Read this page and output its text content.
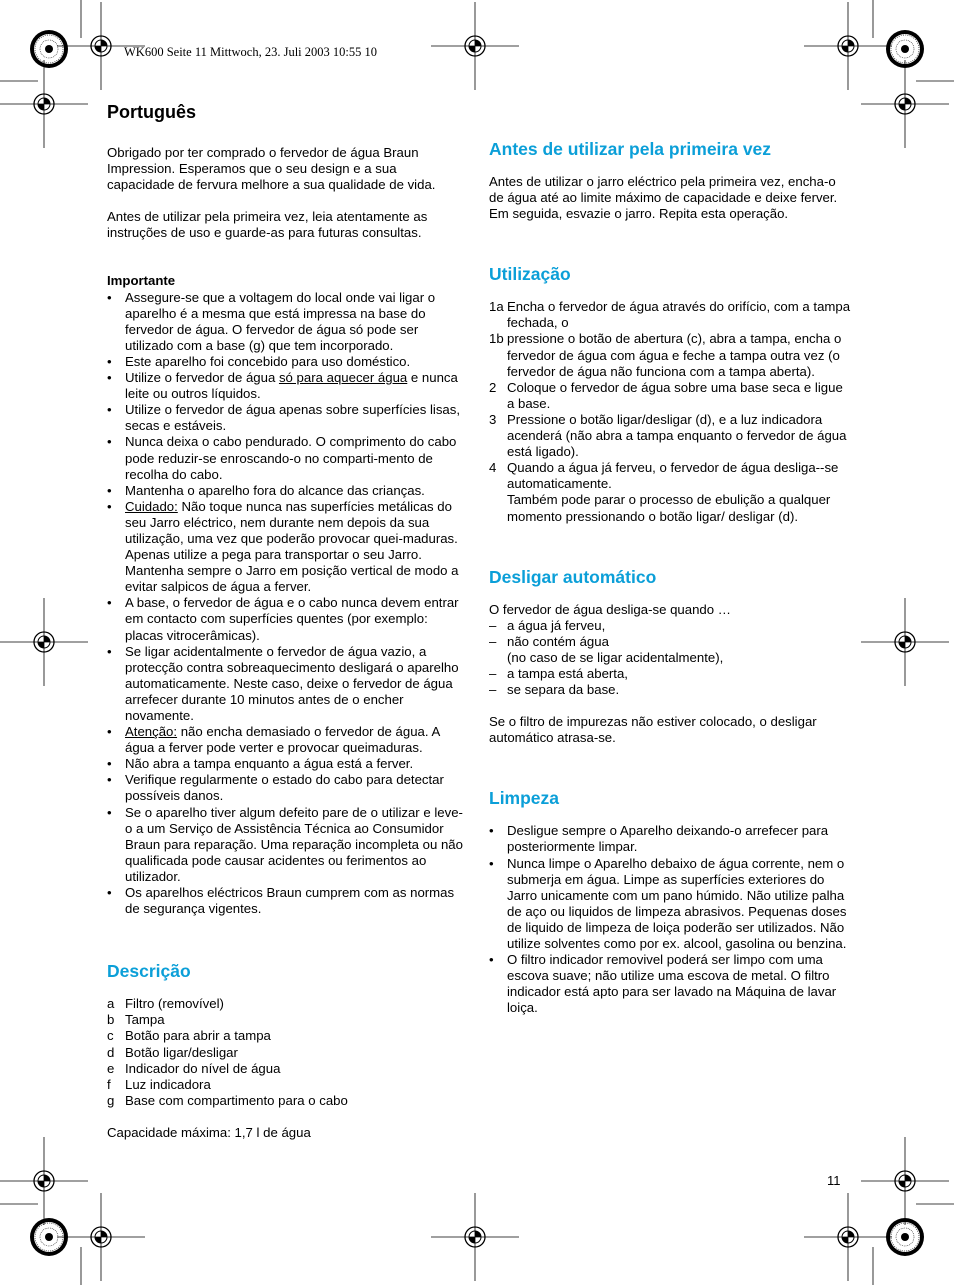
WK600 Seite 11 Mittwoch, 23. Juli 2003 10:55 10
Português

Obrigado por ter comprado o fervedor de água Braun Impression. Esperamos que o seu design e a sua capacidade de fervura melhore a sua qualidade de vida.

Antes de utilizar pela primeira vez, leia atentamente as instruções de uso e guarde-as para futuras consultas.

Importante
• Assegure-se que a voltagem do local onde vai ligar o aparelho é a mesma que está impressa na base do fervedor de água. O fervedor de água só pode ser utilizado com a base (g) que tem incorporado.
• Este aparelho foi concebido para uso doméstico.
• Utilize o fervedor de água só para aquecer água e nunca leite ou outros líquidos.
• Utilize o fervedor de água apenas sobre superfícies lisas, secas e estáveis.
• Nunca deixa o cabo pendurado. O comprimento do cabo pode reduzir-se enroscando-o no comparti-mento de recolha do cabo.
• Mantenha o aparelho fora do alcance das crianças.
• Cuidado: Não toque nunca nas superfícies metálicas do seu Jarro eléctrico, nem durante nem depois da sua utilização, uma vez que poderão provocar quei-maduras. Apenas utilize a pega para transportar o seu Jarro. Mantenha sempre o Jarro em posição vertical de modo a evitar salpicos de água a ferver.
• A base, o fervedor de água e o cabo nunca devem entrar em contacto com superfícies quentes (por exemplo: placas vitrocerâmicas).
• Se ligar acidentalmente o fervedor de água vazio, a protecção contra sobreaquecimento desligará o aparelho automaticamente. Neste caso, deixe o fervedor de água arrefecer durante 10 minutos antes de o encher novamente.
• Atenção: não encha demasiado o fervedor de água. A água a ferver pode verter e provocar queimaduras.
• Não abra a tampa enquanto a água está a ferver.
• Verifique regularmente o estado do cabo para detectar possíveis danos.
• Se o aparelho tiver algum defeito pare de o utilizar e leve-o a um Serviço de Assistência Técnica ao Consumidor Braun para reparação. Uma reparação incompleta ou não qualificada pode causar acidentes ou ferimentos ao utilizador.
• Os aparelhos eléctricos Braun cumprem com as normas de segurança vigentes.
Descrição
a Filtro (removível)
b Tampa
c Botão para abrir a tampa
d Botão ligar/desligar
e Indicador do nível de água
f	Luz indicadora
g Base com compartimento para o cabo

Capacidade máxima: 1,7 l de água

Antes de utilizar pela primeira vez

Antes de utilizar o jarro eléctrico pela primeira vez, encha-o de água até ao limite máximo de capacidade e deixe ferver. Em seguida, esvazie o jarro. Repita esta operação.

Utilização
1a Encha o fervedor de água através do orifício, com a tampa fechada, o
1b pressione o botão de abertura (c), abra a tampa, encha o fervedor de água com água e feche a tampa outra vez (o fervedor de água não funciona com a tampa aberta).
2 Coloque o fervedor de água sobre uma base seca e ligue a base.
3 Pressione o botão ligar/desligar (d), e a luz indicadora acenderá (não abra a tampa enquanto o fervedor de água está ligado).
4 Quando a água já ferveu, o fervedor de água desliga--se automaticamente.
Também pode parar o processo de ebulição a qualquer momento pressionando o botão ligar/ desligar (d).
Desligar automático

O fervedor de água desliga-se quando …

– a água já ferveu,
– não contém água
(no caso de se ligar acidentalmente),
– a tampa está aberta,
– se separa da base.

Se o filtro de impurezas não estiver colocado, o desligar automático atrasa-se.

Limpeza
• Desligue sempre o Aparelho deixando-o arrefecer para posteriormente limpar.
• Nunca limpe o Aparelho debaixo de água corrente, nem o submerja em água. Limpe as superfícies exteriores do Jarro unicamente com um pano húmido. Não utilize palha de aço ou liquidos de limpeza abrasivos. Pequenas doses de liquido de limpeza de loiça poderão ser utilizados. Não utilize solventes como por ex. alcool, gasolina ou benzina.
• O filtro indicador removivel poderá ser limpo com uma escova suave; não utilize uma escova de metal. O filtro indicador está apto para ser lavado na Máquina de lavar loiça.
11
